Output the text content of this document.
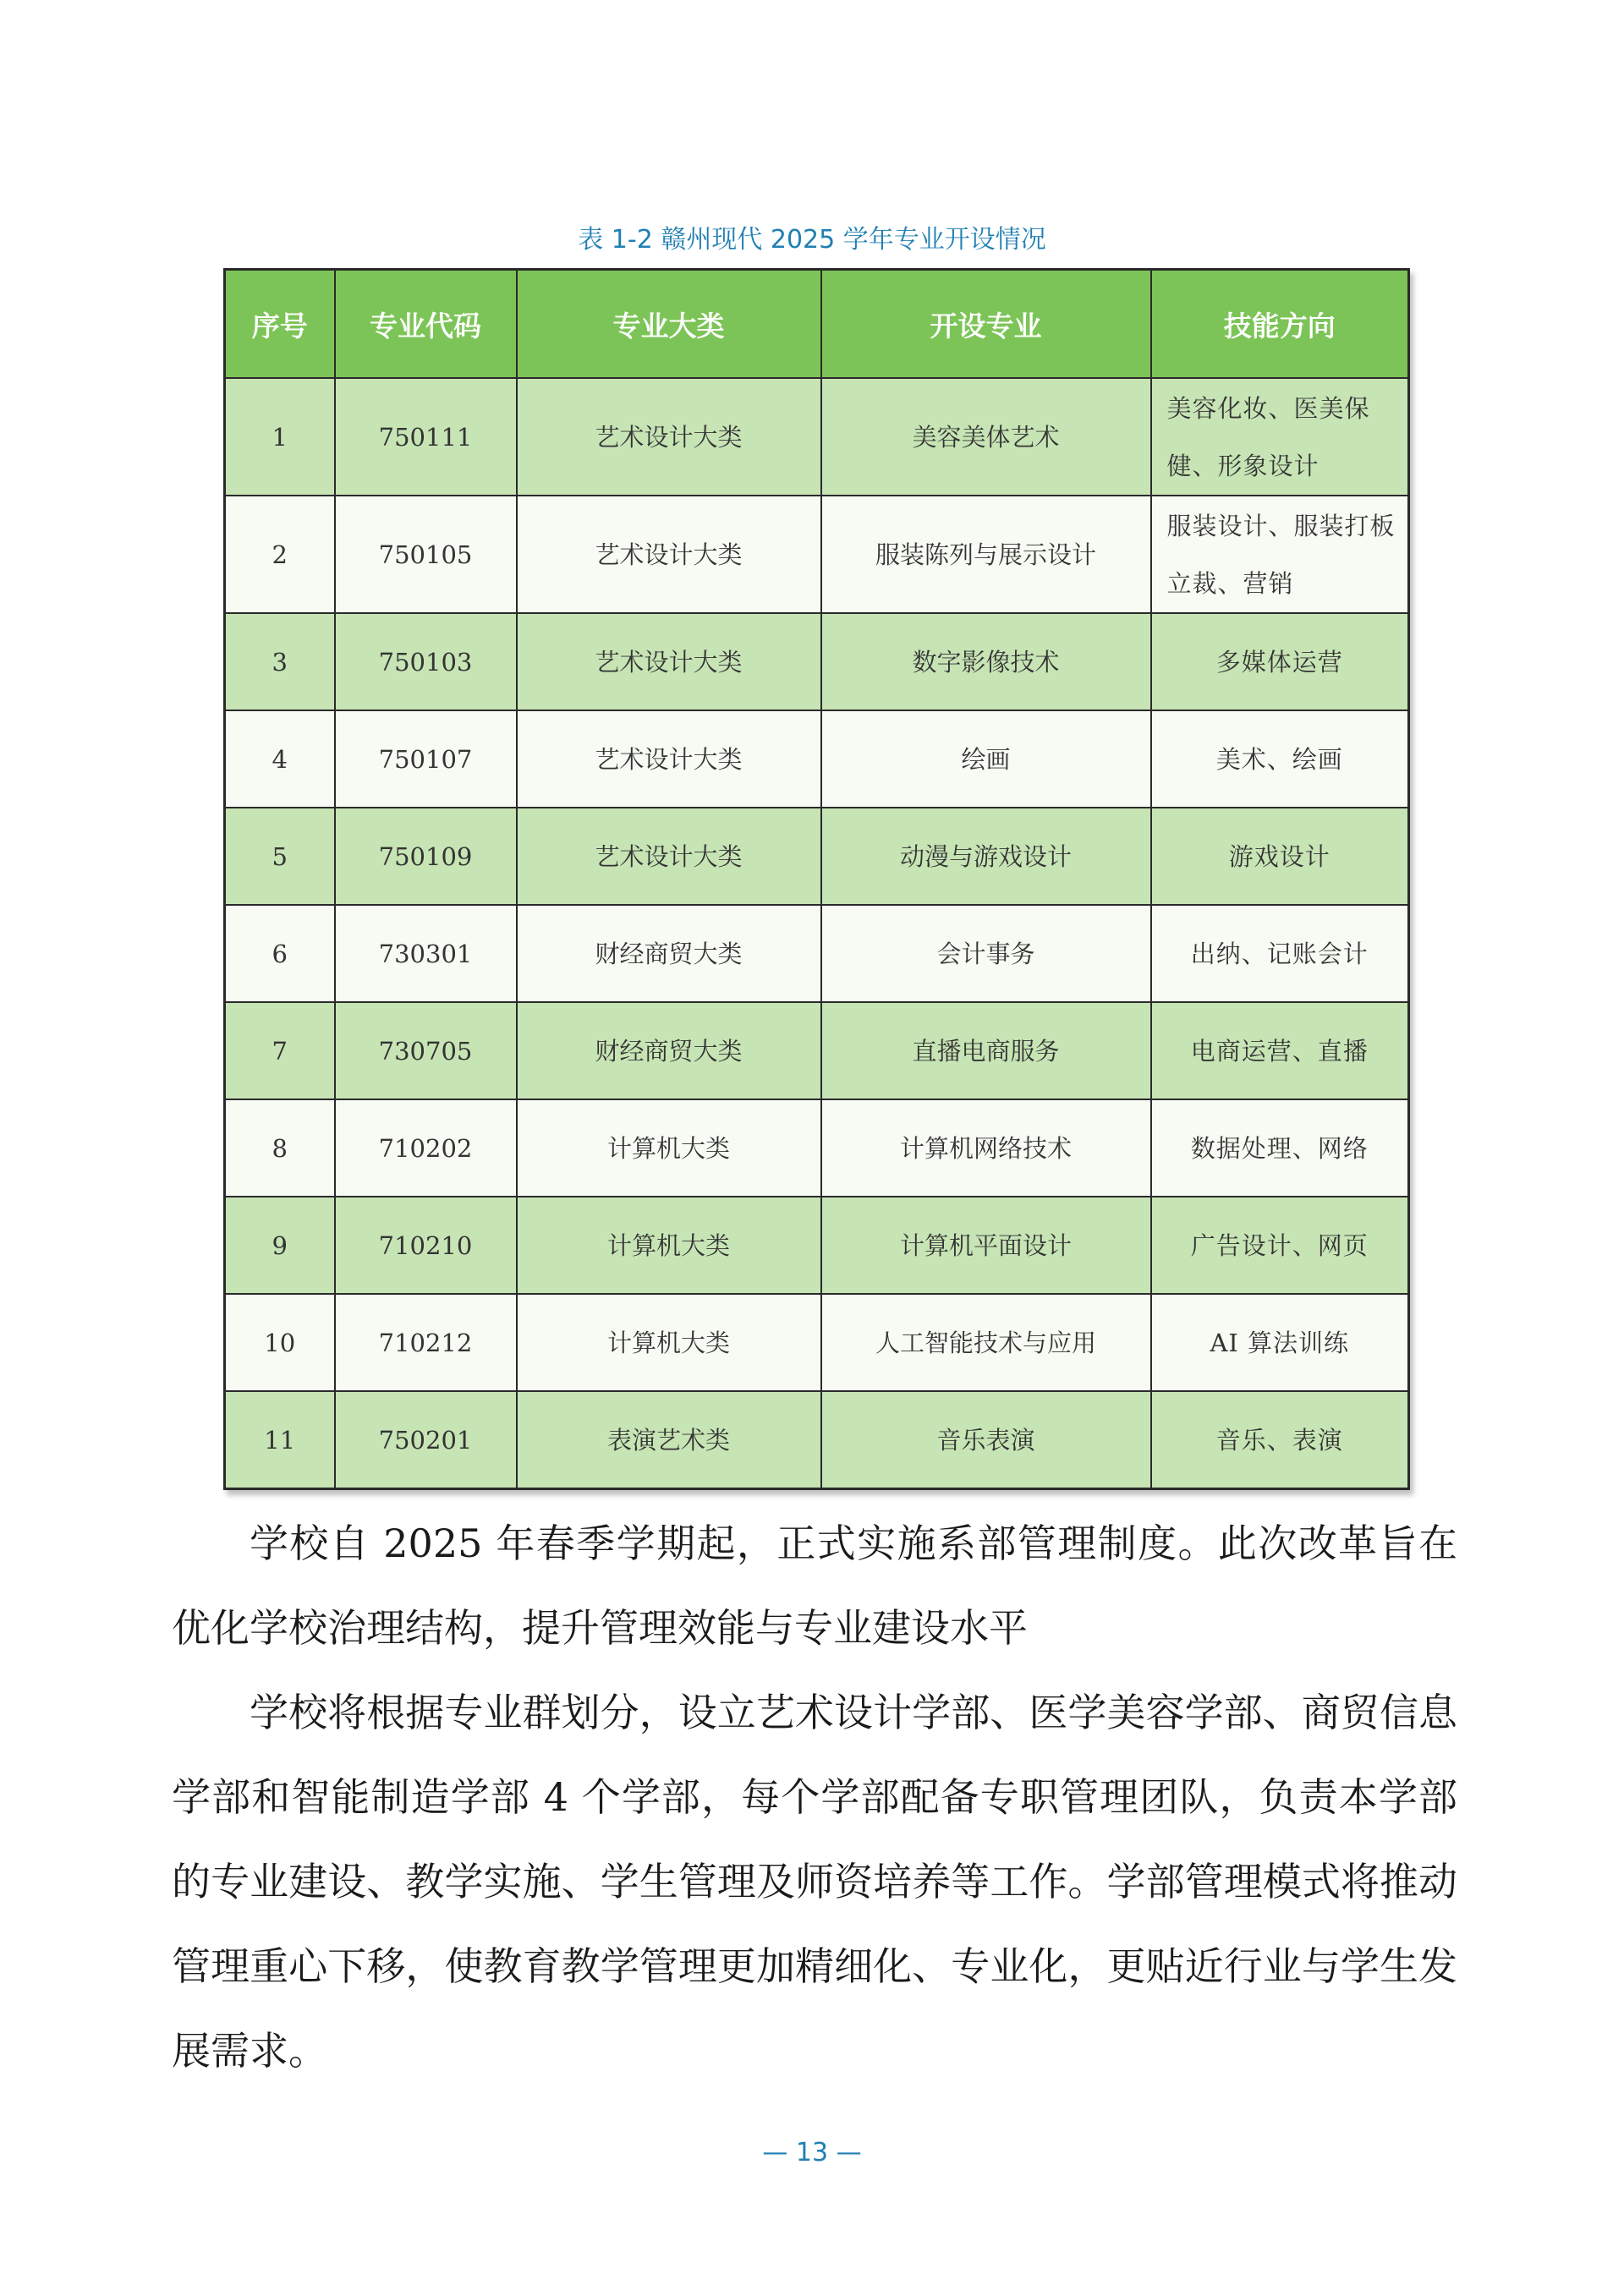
表 1-2 赣州现代 2025 学年专业开设情况
序号	专业代码	专业大类	开设专业	技能方向
1	750111	艺术设计大类	美容美体艺术	美容化妆、医美保健、形象设计
2	750105	艺术设计大类	服装陈列与展示设计	服装设计、服装打板立裁、营销
3	750103	艺术设计大类	数字影像技术	多媒体运营
4	750107	艺术设计大类	绘画	美术、绘画
5	750109	艺术设计大类	动漫与游戏设计	游戏设计
6	730301	财经商贸大类	会计事务	出纳、记账会计
7	730705	财经商贸大类	直播电商服务	电商运营、直播
8	710202	计算机大类	计算机网络技术	数据处理、网络
9	710210	计算机大类	计算机平面设计	广告设计、网页
10	710212	计算机大类	人工智能技术与应用	AI 算法训练
11	750201	表演艺术类	音乐表演	音乐、表演

学校自 2025 年春季学期起，正式实施系部管理制度。此次改革旨在优化学校治理结构，提升管理效能与专业建设水平

学校将根据专业群划分，设立艺术设计学部、医学美容学部、商贸信息学部和智能制造学部 4 个学部，每个学部配备专职管理团队，负责本学部的专业建设、教学实施、学生管理及师资培养等工作。学部管理模式将推动管理重心下移，使教育教学管理更加精细化、专业化，更贴近行业与学生发展需求。

— 13 —
